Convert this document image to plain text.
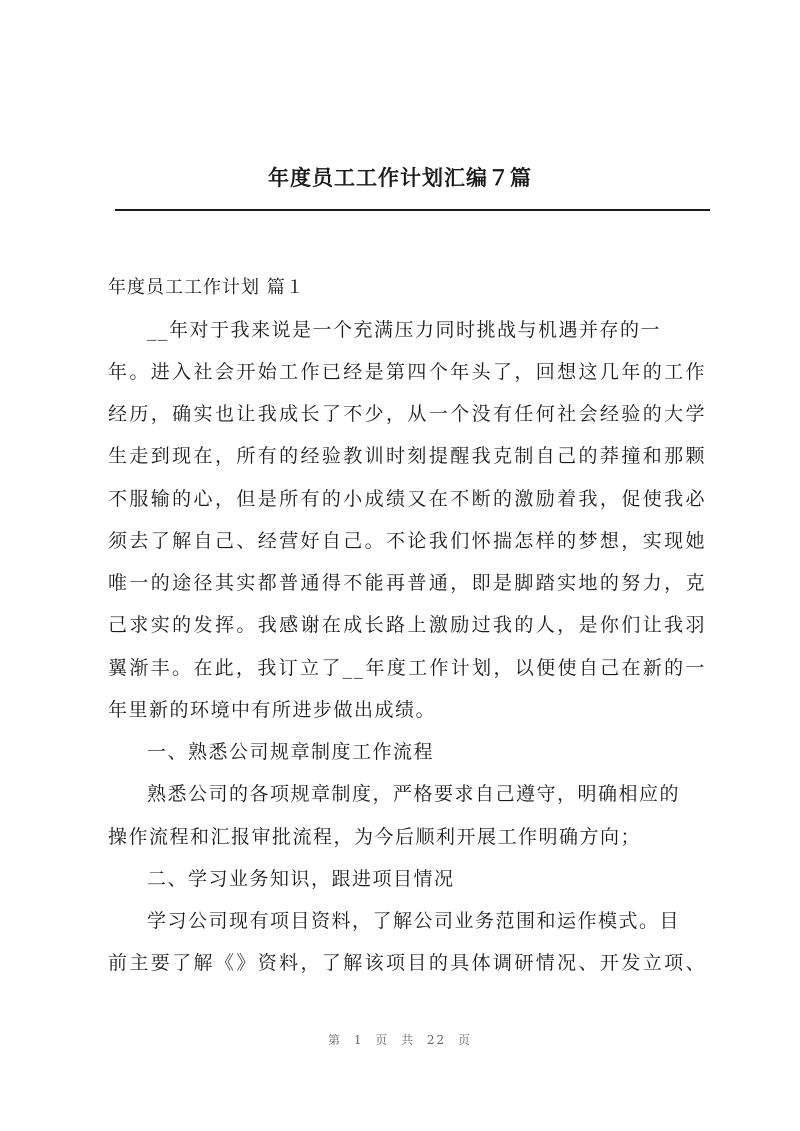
年度员工工作计划汇编７篇
年度员工工作计划 篇１
__年对于我来说是一个充满压力同时挑战与机遇并存的一
年。进入社会开始工作已经是第四个年头了，回想这几年的工作
经历，确实也让我成长了不少，从一个没有任何社会经验的大学
生走到现在，所有的经验教训时刻提醒我克制自己的莽撞和那颗
不服输的心，但是所有的小成绩又在不断的激励着我，促使我必
须去了解自己、经营好自己。不论我们怀揣怎样的梦想，实现她
唯一的途径其实都普通得不能再普通，即是脚踏实地的努力，克
己求实的发挥。我感谢在成长路上激励过我的人，是你们让我羽
翼渐丰。在此，我订立了__年度工作计划，以便使自己在新的一
年里新的环境中有所进步做出成绩。
一、熟悉公司规章制度工作流程
熟悉公司的各项规章制度，严格要求自己遵守，明确相应的
操作流程和汇报审批流程，为今后顺利开展工作明确方向；
二、学习业务知识，跟进项目情况
学习公司现有项目资料，了解公司业务范围和运作模式。目
前主要了解《》资料，了解该项目的具体调研情况、开发立项、
第 1 页 共 22 页
